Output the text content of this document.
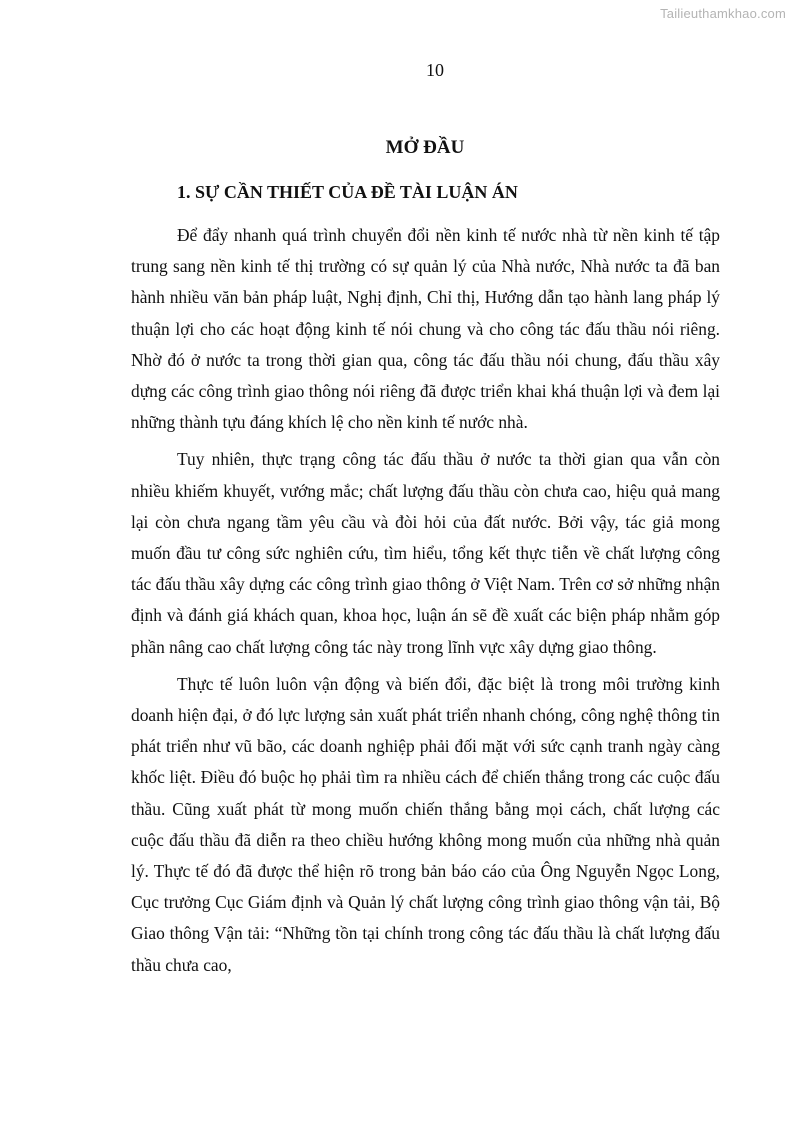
Tailieuthamkhao.com
10
MỞ ĐẦU
1. SỰ CẦN THIẾT CỦA ĐỀ TÀI LUẬN ÁN

Để đẩy nhanh quá trình chuyển đổi nền kinh tế nước nhà từ nền kinh tế tập trung sang nền kinh tế thị trường có sự quản lý của Nhà nước, Nhà nước ta đã ban hành nhiều văn bản pháp luật, Nghị định, Chỉ thị, Hướng dẫn tạo hành lang pháp lý thuận lợi cho các hoạt động kinh tế nói chung và cho công tác đấu thầu nói riêng. Nhờ đó ở nước ta trong thời gian qua, công tác đấu thầu nói chung, đấu thầu xây dựng các công trình giao thông nói riêng đã được triển khai khá thuận lợi và đem lại những thành tựu đáng khích lệ cho nền kinh tế nước nhà.

Tuy nhiên, thực trạng công tác đấu thầu ở nước ta thời gian qua vẫn còn nhiều khiếm khuyết, vướng mắc; chất lượng đấu thầu còn chưa cao, hiệu quả mang lại còn chưa ngang tầm yêu cầu và đòi hỏi của đất nước. Bởi vậy, tác giả mong muốn đầu tư công sức nghiên cứu, tìm hiểu, tổng kết thực tiễn về chất lượng công tác đấu thầu xây dựng các công trình giao thông ở Việt Nam. Trên cơ sở những nhận định và đánh giá khách quan, khoa học, luận án sẽ đề xuất các biện pháp nhằm góp phần nâng cao chất lượng công tác này trong lĩnh vực xây dựng giao thông.

Thực tế luôn luôn vận động và biến đổi, đặc biệt là trong môi trường kinh doanh hiện đại, ở đó lực lượng sản xuất phát triển nhanh chóng, công nghệ thông tin phát triển như vũ bão, các doanh nghiệp phải đối mặt với sức cạnh tranh ngày càng khốc liệt. Điều đó buộc họ phải tìm ra nhiều cách để chiến thắng trong các cuộc đấu thầu. Cũng xuất phát từ mong muốn chiến thắng bằng mọi cách, chất lượng các cuộc đấu thầu đã diễn ra theo chiều hướng không mong muốn của những nhà quản lý. Thực tế đó đã được thể hiện rõ trong bản báo cáo của Ông Nguyễn Ngọc Long, Cục trưởng Cục Giám định và Quản lý chất lượng công trình giao thông vận tải, Bộ Giao thông Vận tải: “Những tồn tại chính trong công tác đấu thầu là chất lượng đấu thầu chưa cao,
